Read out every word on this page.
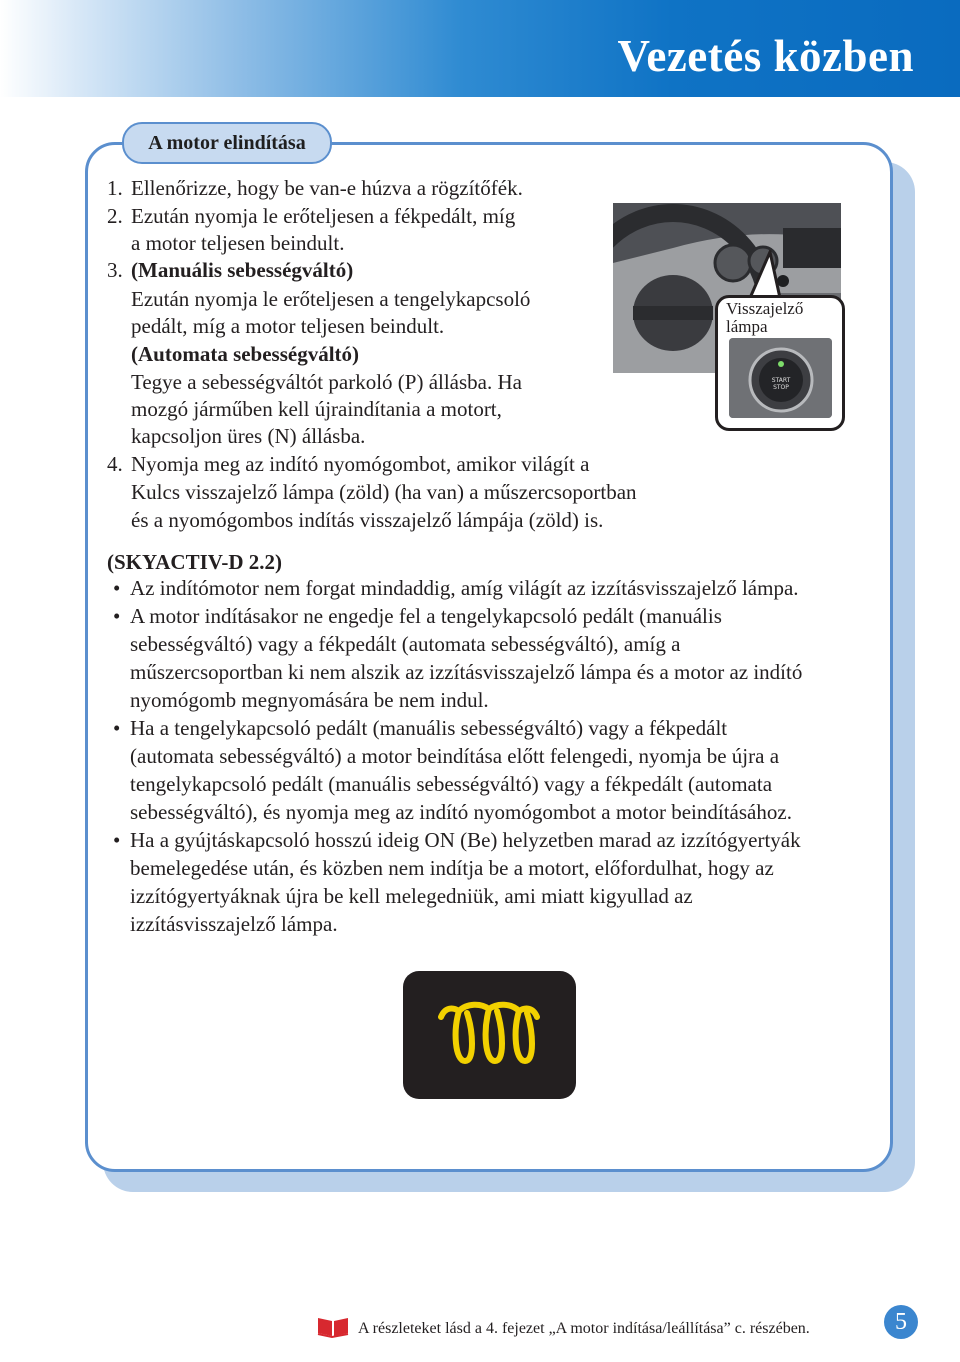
Vezetés közben
A motor elindítása
1. Ellenőrizze, hogy be van-e húzva a rögzítőfék.
2. Ezután nyomja le erőteljesen a fékpedált, míg
a motor teljesen beindult.
3. (Manuális sebességváltó)
Ezután nyomja le erőteljesen a tengelykapcsoló
pedált, míg a motor teljesen beindult.
(Automata sebességváltó)
Tegye a sebességváltót parkoló (P) állásba. Ha
mozgó járműben kell újraindítania a motort,
kapcsoljon üres (N) állásba.
4. Nyomja meg az indító nyomógombot, amikor világít a
Kulcs visszajelző lámpa (zöld) (ha van) a műszercsoportban
és a nyomógombos indítás visszajelző lámpája (zöld) is.
Visszajelző
lámpa
START
STOP
(SKYACTIV-D 2.2)
• Az indítómotor nem forgat mindaddig, amíg világít az izzításvisszajelző lámpa.
• A motor indításakor ne engedje fel a tengelykapcsoló pedált (manuális
sebességváltó) vagy a fékpedált (automata sebességváltó), amíg a
műszercsoportban ki nem alszik az izzításvisszajelző lámpa és a motor az indító
nyomógomb megnyomására be nem indul.
• Ha a tengelykapcsoló pedált (manuális sebességváltó) vagy a fékpedált
(automata sebességváltó) a motor beindítása előtt felengedi, nyomja be újra a
tengelykapcsoló pedált (manuális sebességváltó) vagy a fékpedált (automata
sebességváltó), és nyomja meg az indító nyomógombot a motor beindításához.
• Ha a gyújtáskapcsoló hosszú ideig ON (Be) helyzetben marad az izzítógyertyák
bemelegedése után, és közben nem indítja be a motort, előfordulhat, hogy az
izzítógyertyáknak újra be kell melegedniük, ami miatt kigyullad az
izzításvisszajelző lámpa.
A részleteket lásd a 4. fejezet „A motor indítása/leállítása” c. részében.	5
